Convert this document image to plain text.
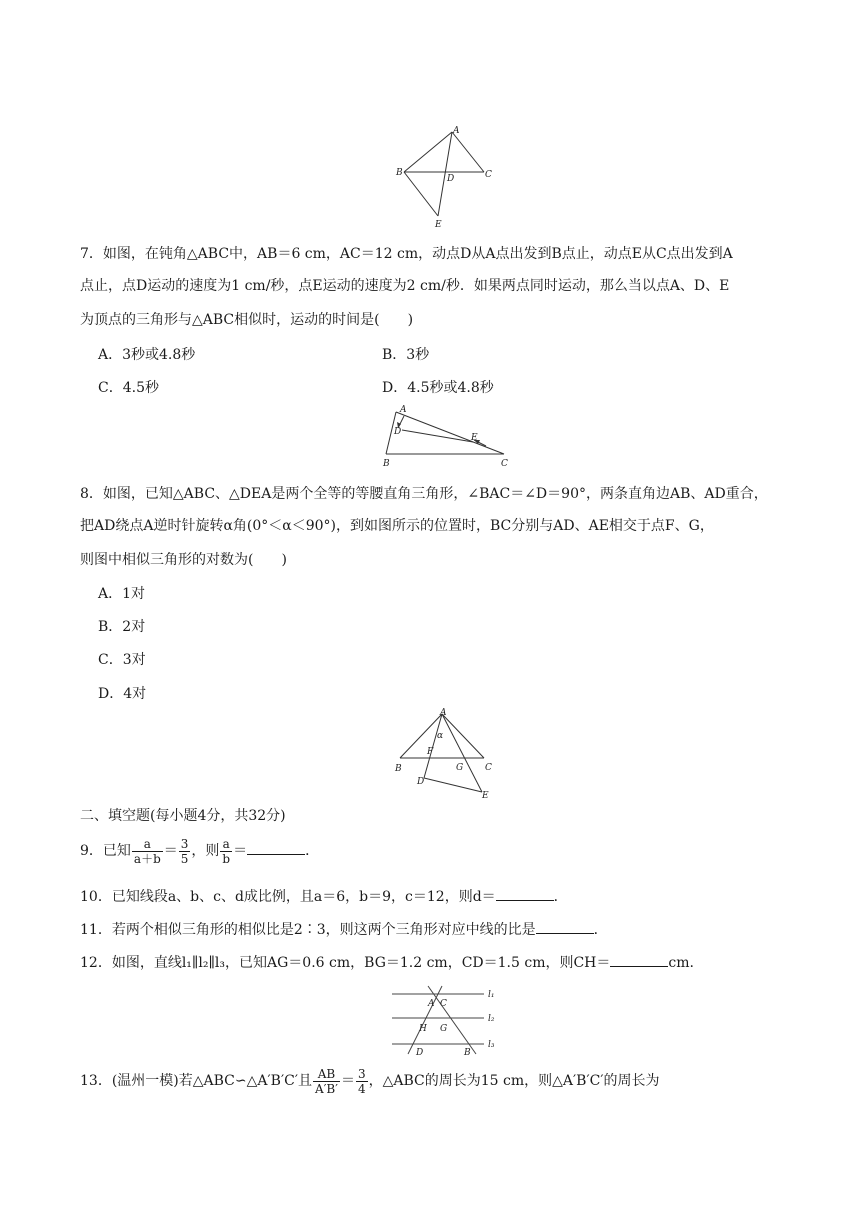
A
B	C
D
E
7．如图，在钝角△ABC中，AB＝6 cm，AC＝12 cm，动点D从A点出发到B点止，动点E从C点出发到A
点止，点D运动的速度为1 cm/秒，点E运动的速度为2 cm/秒．如果两点同时运动，那么当以点A、D、E
为顶点的三角形与△ABC相似时，运动的时间是(　　)
A．3秒或4.8秒	B．3秒
C．4.5秒	D．4.5秒或4.8秒
A
D
E
B	C
8．如图，已知△ABC、△DEA是两个全等的等腰直角三角形，∠BAC＝∠D＝90°，两条直角边AB、AD重合，
把AD绕点A逆时针旋转α角(0°＜α＜90°)，到如图所示的位置时，BC分别与AD、AE相交于点F、G，
则图中相似三角形的对数为(　　)
A．1对
B．2对
C．3对
D．4对
A
α
F
G
B	C
D
E
二、填空题(每小题4分，共32分)
9．已知 $\frac{a}{a+b} = \frac{3}{5}$ ，则 $\frac{a}{b}$ ＝	．
10．已知线段a、b、c、d成比例，且a＝6，b＝9，c＝12，则d＝	．
11．若两个相似三角形的相似比是2∶3，则这两个三角形对应中线的比是	．
12．如图，直线l₁∥l₂∥l₃，已知AG＝0.6 cm，BG＝1.2 cm，CD＝1.5 cm，则CH＝	cm.
A C
H G
D	B
l₁
l₂
l₃
13．(温州一模)若△ABC∽△A′B′C′且 $\frac{AB}{A'B'} = \frac{3}{4}$ ，△ABC的周长为15 cm，则△A′B′C′的周长为
